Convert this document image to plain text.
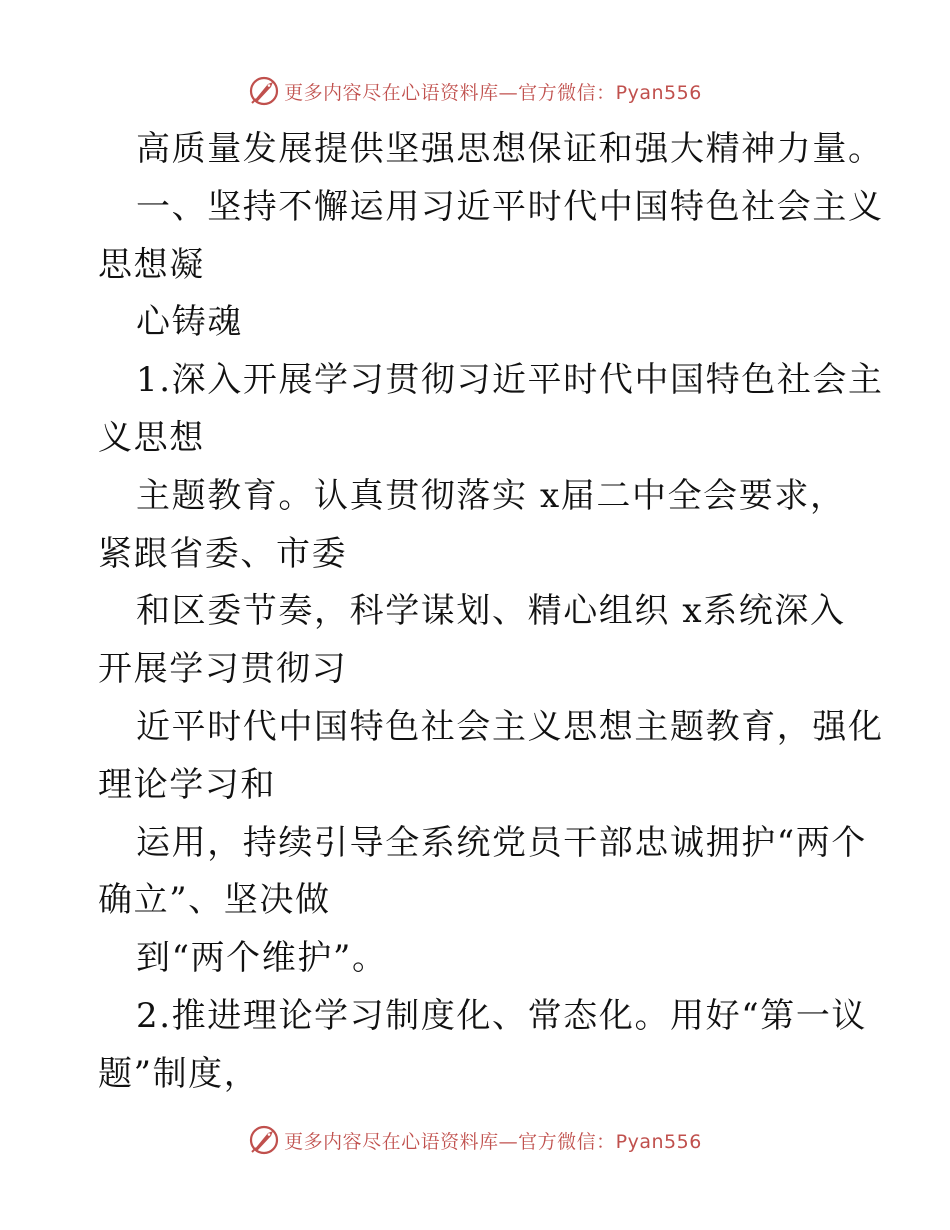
更多内容尽在心语资料库—官方微信：Pyan556
高质量发展提供坚强思想保证和强大精神力量。
一、坚持不懈运用习近平时代中国特色社会主义
思想凝
心铸魂
1.深入开展学习贯彻习近平时代中国特色社会主
义思想
主题教育。认真贯彻落实 x届二中全会要求，
紧跟省委、市委
和区委节奏，科学谋划、精心组织 x系统深入
开展学习贯彻习
近平时代中国特色社会主义思想主题教育，强化
理论学习和
运用，持续引导全系统党员干部忠诚拥护“两个
确立”、坚决做
到“两个维护”。
2.推进理论学习制度化、常态化。用好“第一议
题”制度，
更多内容尽在心语资料库—官方微信：Pyan556
